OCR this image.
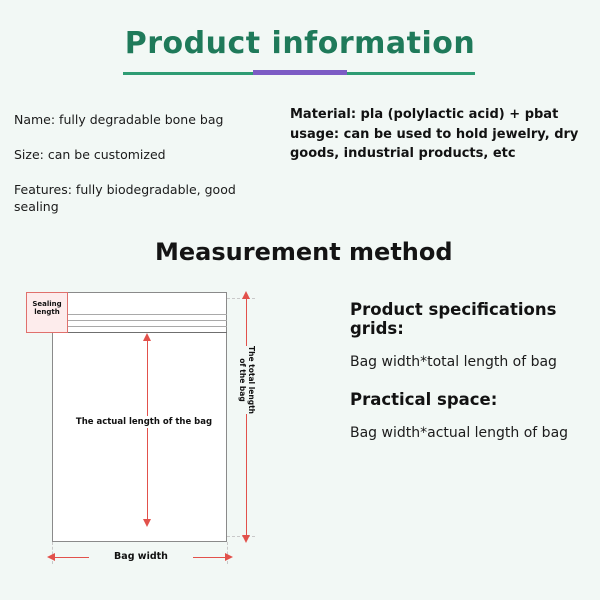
Product information

Name: fully degradable bone bag

Size: can be customized

Features: fully biodegradable, good sealing

Material: pla (polylactic acid) + pbat usage: can be used to hold jewelry, dry goods, industrial products, etc

Measurement method
Product specifications grids:

Bag width*total length of bag

Practical space:

Bag width*actual length of bag

Sealing length
The actual length of the bag
The total length of the bag
Bag width
